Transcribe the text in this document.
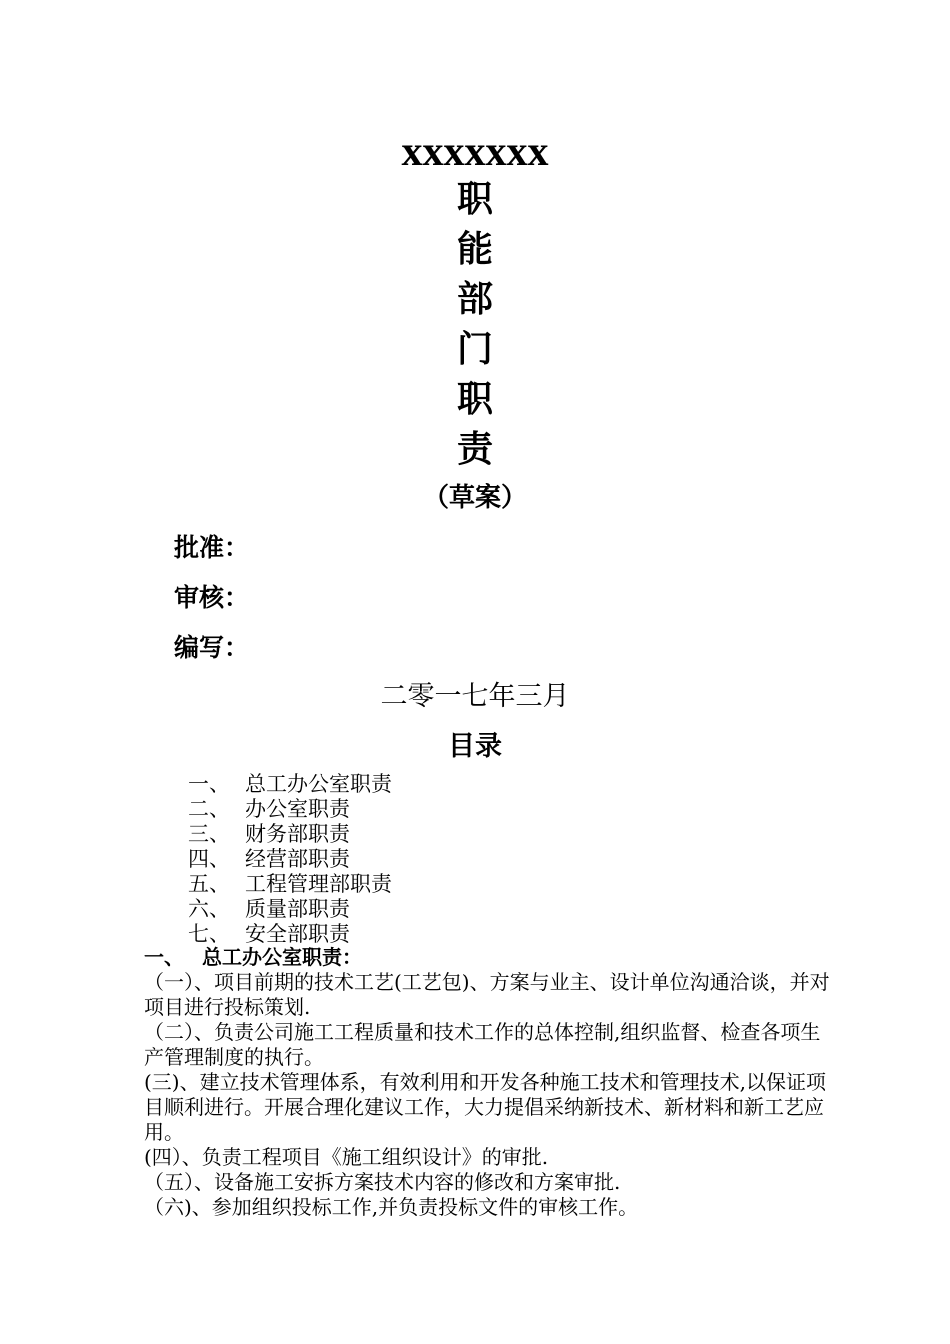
xxxxxxx
职
能
部
门
职
责
（草案）
批准：
审核：
编写：
二零一七年三月
目录
一、 总工办公室职责
二、 办公室职责
三、 财务部职责
四、 经营部职责
五、 工程管理部职责
六、 质量部职责
七、 安全部职责
一、 总工办公室职责：

（一）、项目前期的技术工艺(工艺包)、方案与业主、设计单位沟通洽谈，并对项目进行投标策划.

（二）、负责公司施工工程质量和技术工作的总体控制,组织监督、检查各项生产管理制度的执行。

(三)、建立技术管理体系，有效利用和开发各种施工技术和管理技术,以保证项目顺利进行。开展合理化建议工作，大力提倡采纳新技术、新材料和新工艺应用。

(四）、负责工程项目《施工组织设计》的审批.

（五）、设备施工安拆方案技术内容的修改和方案审批.

（六)、参加组织投标工作,并负责投标文件的审核工作。
